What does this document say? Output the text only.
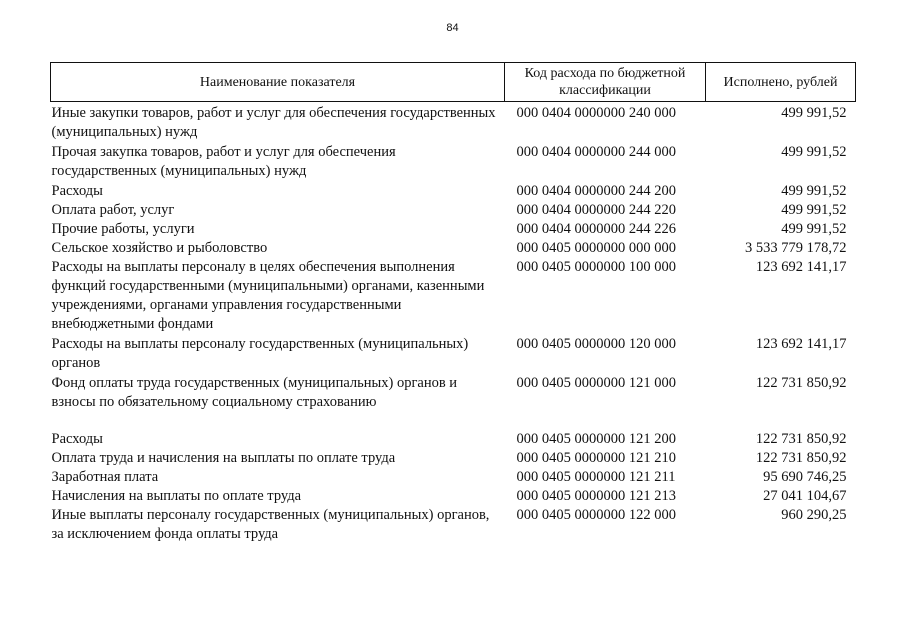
84
Наименование показателя	Код расхода по бюджетной классификации	Исполнено, рублей
Иные закупки товаров, работ и услуг для обеспечения государственных (муниципальных) нужд	000 0404 0000000 240 000	499 991,52
Прочая закупка товаров, работ и услуг для обеспечения государственных (муниципальных) нужд	000 0404 0000000 244 000	499 991,52
Расходы	000 0404 0000000 244 200	499 991,52
Оплата работ, услуг	000 0404 0000000 244 220	499 991,52
Прочие работы, услуги	000 0404 0000000 244 226	499 991,52
Сельское хозяйство и рыболовство	000 0405 0000000 000 000	3 533 779 178,72
Расходы на выплаты персоналу в целях обеспечения выполнения функций государственными (муниципальными) органами, казенными учреждениями, органами управления государственными внебюджетными фондами	000 0405 0000000 100 000	123 692 141,17
Расходы на выплаты персоналу государственных (муниципальных) органов	000 0405 0000000 120 000	123 692 141,17
Фонд оплаты труда государственных (муниципальных) органов и взносы по обязательному социальному страхованию	000 0405 0000000 121 000	122 731 850,92
Расходы	000 0405 0000000 121 200	122 731 850,92
Оплата труда и начисления на выплаты по оплате труда	000 0405 0000000 121 210	122 731 850,92
Заработная плата	000 0405 0000000 121 211	95 690 746,25
Начисления на выплаты по оплате труда	000 0405 0000000 121 213	27 041 104,67
Иные выплаты персоналу государственных (муниципальных) органов, за исключением фонда оплаты труда	000 0405 0000000 122 000	960 290,25
